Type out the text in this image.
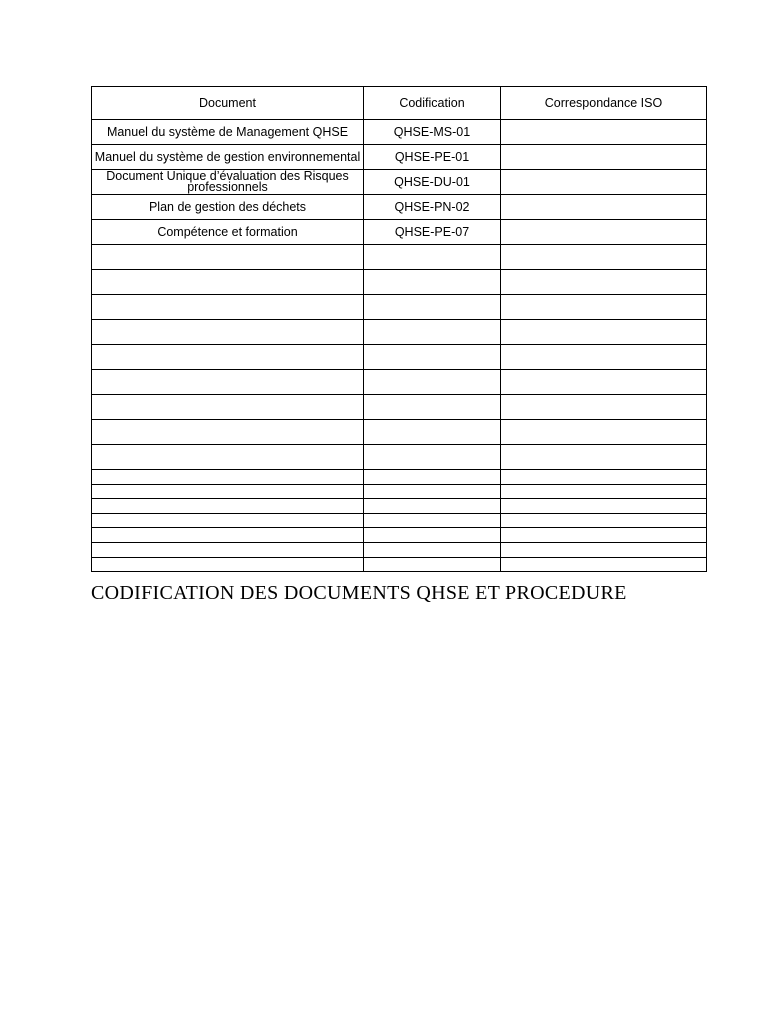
Document	Codification	Correspondance ISO
Manuel du système de Management QHSE	QHSE-MS-01	
Manuel du système de gestion environnemental	QHSE-PE-01	
Document Unique d’évaluation des Risques professionnels	QHSE-DU-01	
Plan de gestion des déchets	QHSE-PN-02	
Compétence et formation	QHSE-PE-07	

CODIFICATION DES DOCUMENTS QHSE ET PROCEDURE
